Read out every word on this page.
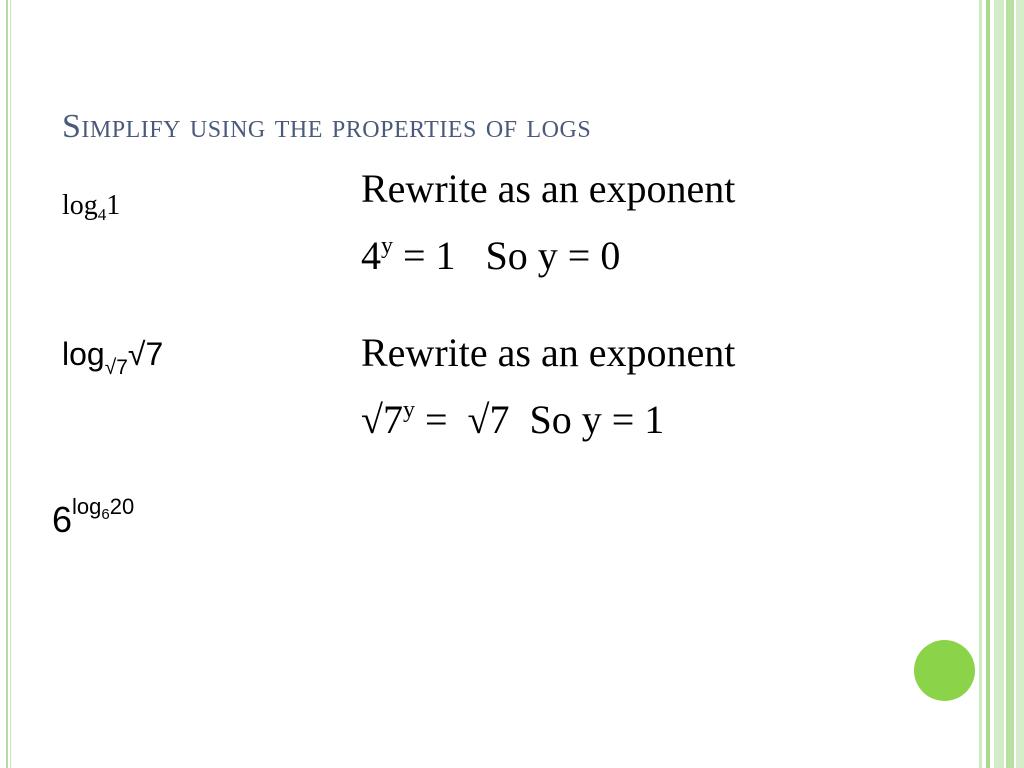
Simplify using the properties of logs
$\log_41$	Rewrite as an exponent
$4^y = 1$   So y = 0
$\log_{√7}√7$	Rewrite as an exponent
$√7^y = √7$  So y = 1
$6^{log_620}$
